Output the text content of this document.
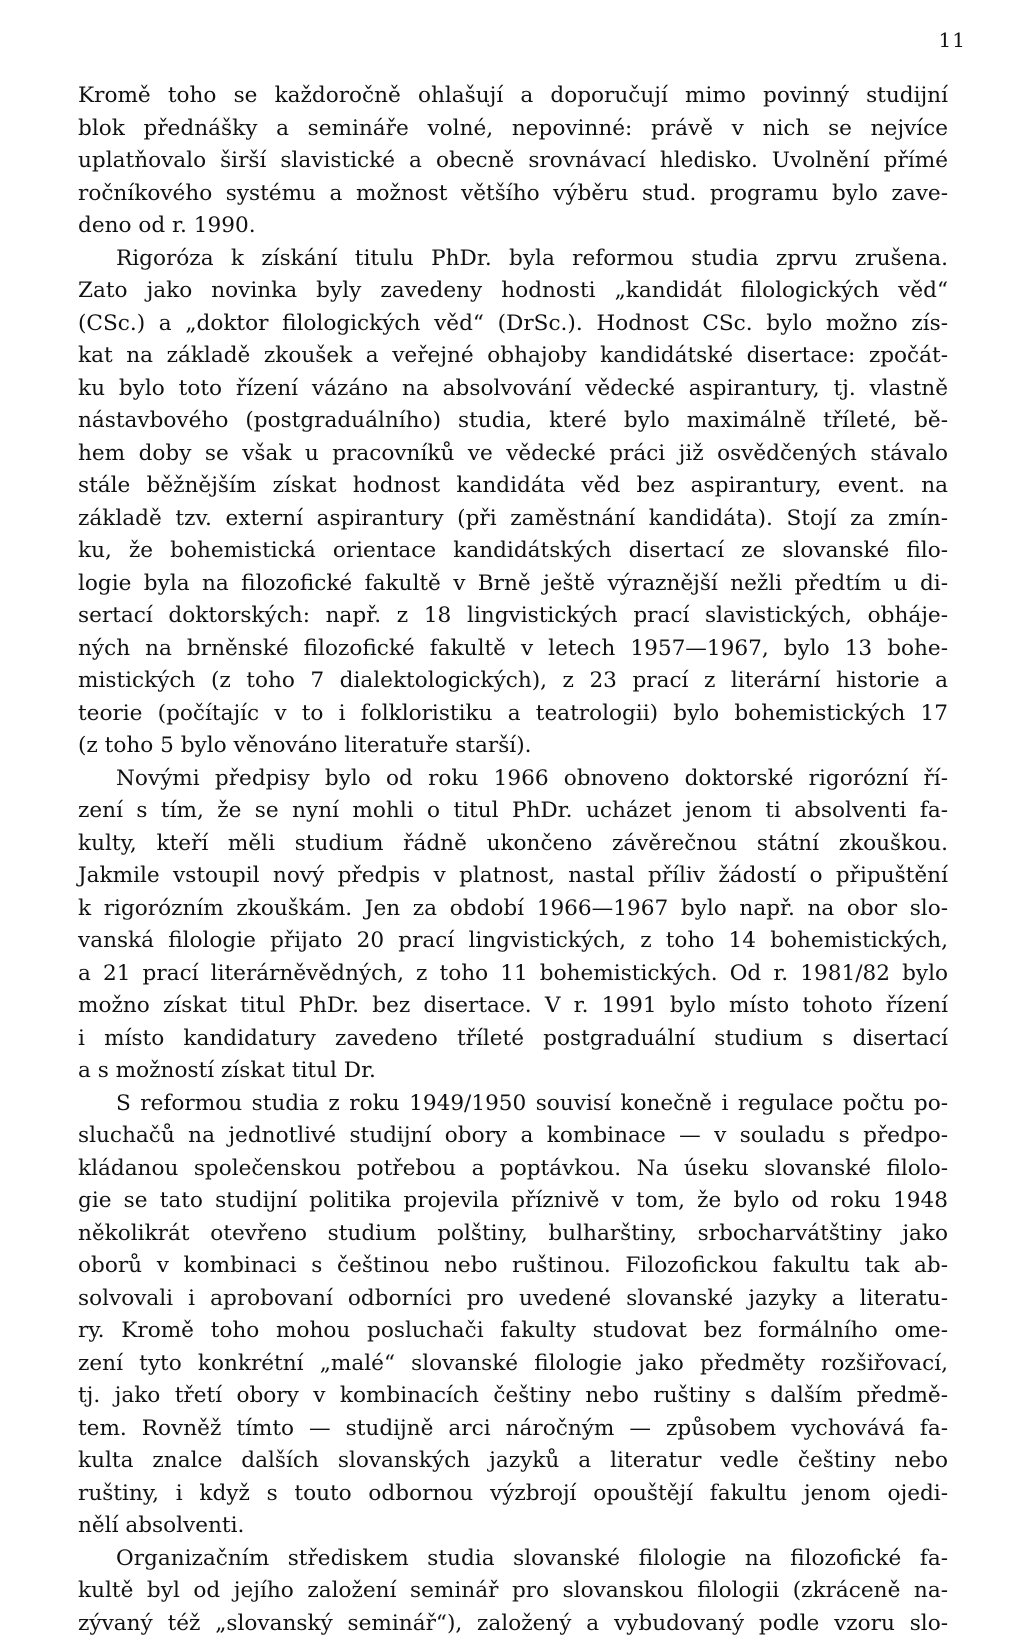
11
Kromě toho se každoročně ohlašují a doporučují mimo povinný studijní
blok přednášky a semináře volné, nepovinné: právě v nich se nejvíce
uplatňovalo širší slavistické a obecně srovnávací hledisko. Uvolnění přímé
ročníkového systému a možnost většího výběru stud. programu bylo zave-
deno od r. 1990.
Rigoróza k získání titulu PhDr. byla reformou studia zprvu zrušena.
Zato jako novinka byly zavedeny hodnosti „kandidát filologických věd“
(CSc.) a „doktor filologických věd“ (DrSc.). Hodnost CSc. bylo možno zís-
kat na základě zkoušek a veřejné obhajoby kandidátské disertace: zpočát-
ku bylo toto řízení vázáno na absolvování vědecké aspirantury, tj. vlastně
nástavbového (postgraduálního) studia, které bylo maximálně tříleté, bě-
hem doby se však u pracovníků ve vědecké práci již osvědčených stávalo
stále běžnějším získat hodnost kandidáta věd bez aspirantury, event. na
základě tzv. externí aspirantury (při zaměstnání kandidáta). Stojí za zmín-
ku, že bohemistická orientace kandidátských disertací ze slovanské filo-
logie byla na filozofické fakultě v Brně ještě výraznější nežli předtím u di-
sertací doktorských: např. z 18 lingvistických prací slavistických, obháje-
ných na brněnské filozofické fakultě v letech 1957—1967, bylo 13 bohe-
mistických (z toho 7 dialektologických), z 23 prací z literární historie a
teorie (počítajíc v to i folkloristiku a teatrologii) bylo bohemistických 17
(z toho 5 bylo věnováno literatuře starší).
Novými předpisy bylo od roku 1966 obnoveno doktorské rigorózní ří-
zení s tím, že se nyní mohli o titul PhDr. ucházet jenom ti absolventi fa-
kulty, kteří měli studium řádně ukončeno závěrečnou státní zkouškou.
Jakmile vstoupil nový předpis v platnost, nastal příliv žádostí o připuštění
k rigorózním zkouškám. Jen za období 1966—1967 bylo např. na obor slo-
vanská filologie přijato 20 prací lingvistických, z toho 14 bohemistických,
a 21 prací literárněvědných, z toho 11 bohemistických. Od r. 1981/82 bylo
možno získat titul PhDr. bez disertace. V r. 1991 bylo místo tohoto řízení
i místo kandidatury zavedeno tříleté postgraduální studium s disertací
a s možností získat titul Dr.
S reformou studia z roku 1949/1950 souvisí konečně i regulace počtu po-
sluchačů na jednotlivé studijní obory a kombinace — v souladu s předpo-
kládanou společenskou potřebou a poptávkou. Na úseku slovanské filolo-
gie se tato studijní politika projevila příznivě v tom, že bylo od roku 1948
několikrát otevřeno studium polštiny, bulharštiny, srbocharvátštiny jako
oborů v kombinaci s češtinou nebo ruštinou. Filozofickou fakultu tak ab-
solvovali i aprobovaní odborníci pro uvedené slovanské jazyky a literatu-
ry. Kromě toho mohou posluchači fakulty studovat bez formálního ome-
zení tyto konkrétní „malé“ slovanské filologie jako předměty rozšiřovací,
tj. jako třetí obory v kombinacích češtiny nebo ruštiny s dalším předmě-
tem. Rovněž tímto — studijně arci náročným — způsobem vychovává fa-
kulta znalce dalších slovanských jazyků a literatur vedle češtiny nebo
ruštiny, i když s touto odbornou výzbrojí opouštějí fakultu jenom ojedi-
nělí absolventi.
Organizačním střediskem studia slovanské filologie na filozofické fa-
kultě byl od jejího založení seminář pro slovanskou filologii (zkráceně na-
zývaný též „slovanský seminář“), založený a vybudovaný podle vzoru slo-
